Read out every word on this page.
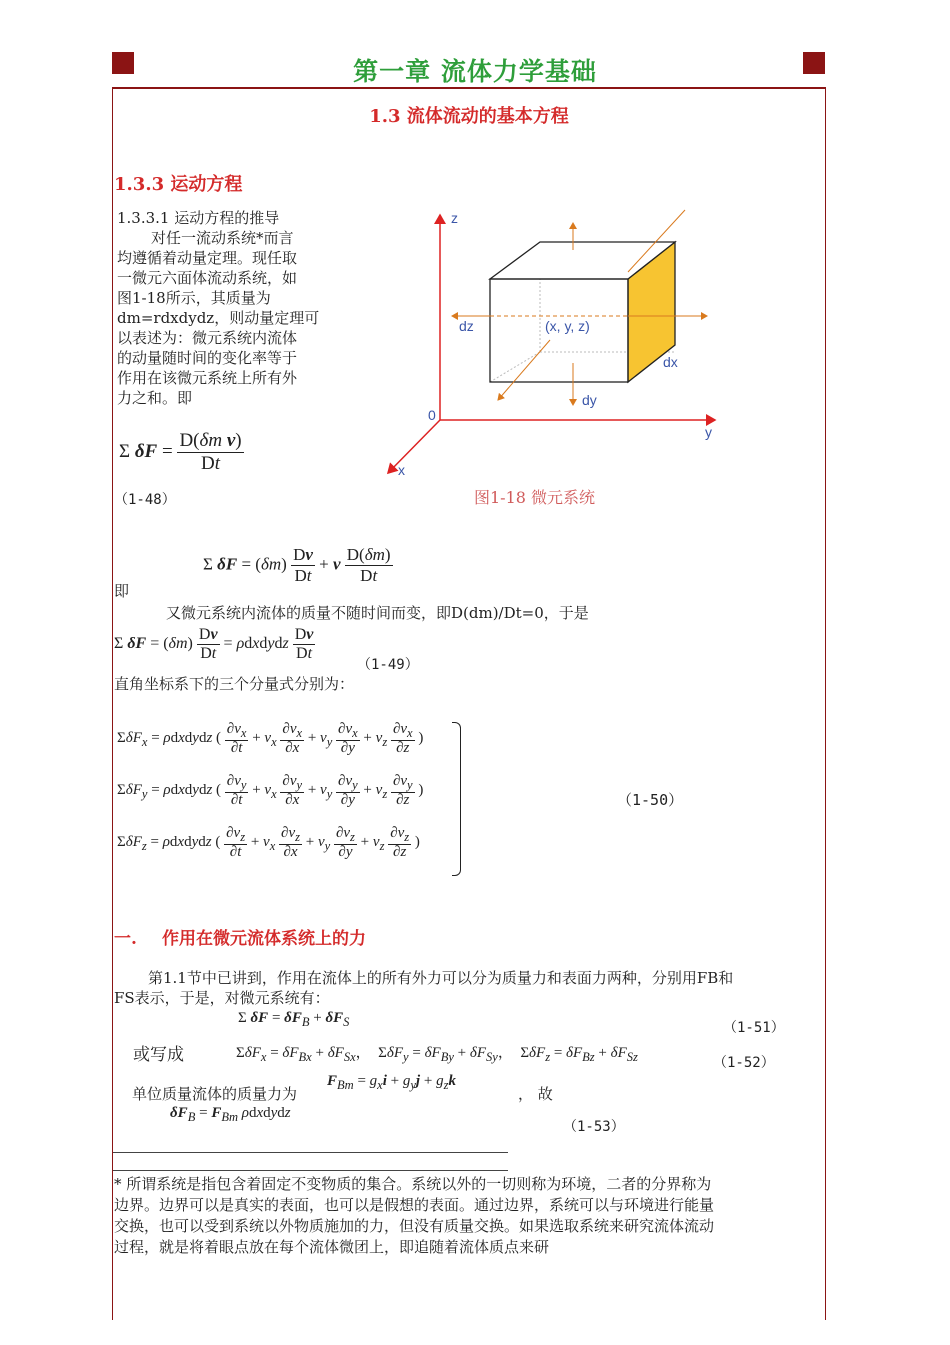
第一章 流体力学基础
1.3 流体流动的基本方程
1.3.3 运动方程
1.3.3.1 运动方程的推导
对任一流动系统*而言
均遵循着动量定理。现任取
一微元六面体流动系统，如
图1-18所示，其质量为
dm=rdxdydz，则动量定理可
以表述为：微元系统内流体
的动量随时间的变化率等于
作用在该微元系统上所有外
力之和。即
Σ $\delta F = \frac{\text{D(δm v)}}{Dt}$
（1-48）
z
y
x
0
dz
dx
dy
(x, y, z)
图1-18 微元系统
Σ $\delta F = (\delta m) \frac{Dv}{Dt} + v \frac{D(\delta m)}{Dt}$
即
又微元系统内流体的质量不随时间而变，即D(dm)/Dt=0，于是
Σ $\delta F = (\delta m) \frac{Dv}{Dt}$ = ρdxdydz $\frac{Dv}{Dt}$
（1-49）
直角坐标系下的三个分量式分别为：
ΣδF$_x$ = ρdxdydz ( $\frac{\partial v_x}{\partial t} + v_x \frac{\partial v_x}{\partial x} + v_y \frac{\partial v_x}{\partial y} + v_z \frac{\partial v_x}{\partial z}$ )
ΣδF$_y$ = ρdxdydz ( $\frac{\partial v_y}{\partial t} + v_x \frac{\partial v_y}{\partial x} + v_y \frac{\partial v_y}{\partial y} + v_z \frac{\partial v_y}{\partial z}$ )
ΣδF$_z$ = ρdxdydz ( $\frac{\partial v_z}{\partial t} + v_x \frac{\partial v_z}{\partial x} + v_y \frac{\partial v_z}{\partial y} + v_z \frac{\partial v_z}{\partial z}$ )
（1-50）
一. 作用在微元流体系统上的力
第1.1节中已讲到，作用在流体上的所有外力可以分为质量力和表面力两种，分别用FB和
FS表示，于是，对微元系统有：
Σ $\delta F = \delta F_B + \delta F_S$	（1-51）
或写成	$\Sigma\delta F_x = \delta F_{Bx} + \delta F_{Sx}$，  $\Sigma\delta F_y = \delta F_{By} + \delta F_{Sy}$，  $\Sigma\delta F_z = \delta F_{Bz} + \delta F_{Sz}$	（1-52）
单位质量流体的质量力为
$F_{Bm} = g_xi + g_yj + g_zk$
， 故
$\delta F_B = F_{Bm}$ ρdxdydz
（1-53）
* 所谓系统是指包含着固定不变物质的集合。系统以外的一切则称为环境，二者的分界称为
边界。边界可以是真实的表面，也可以是假想的表面。通过边界，系统可以与环境进行能量
交换，也可以受到系统以外物质施加的力，但没有质量交换。如果选取系统来研究流体流动
过程，就是将着眼点放在每个流体微团上，即追随着流体质点来研
